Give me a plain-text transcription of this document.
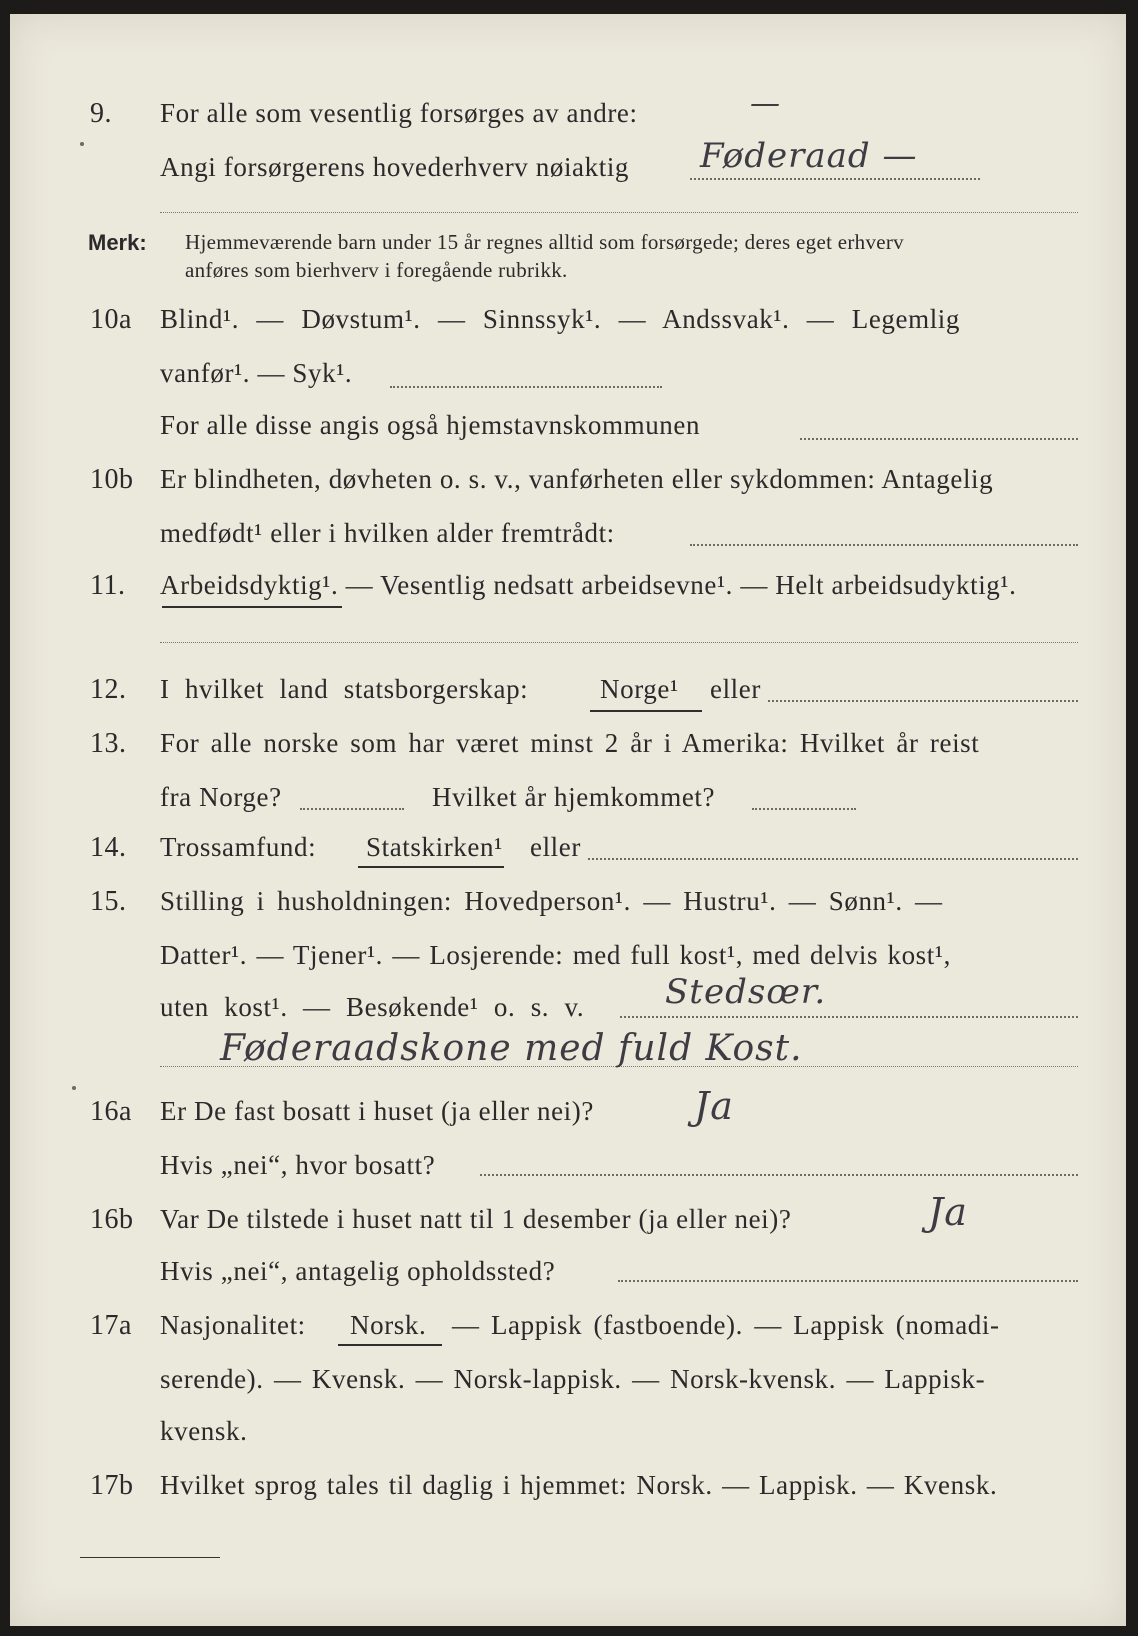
9. For alle som vesentlig forsørges av andre:	—
Angi forsørgerens hovederhverv nøiaktig Føderaad —
Merk: Hjemmeværende barn under 15 år regnes alltid som forsørgede; deres eget erhverv
anføres som bierhverv i foregående rubrikk.
10a Blind¹. — Døvstum¹. — Sinnssyk¹. — Andssvak¹. — Legemlig
vanfør¹. — Syk¹.
For alle disse angis også hjemstavnskommunen
10b Er blindheten, døvheten o. s. v., vanførheten eller sykdommen: Antagelig
medfødt¹ eller i hvilken alder fremtrådt:
11. Arbeidsdyktig¹. — Vesentlig nedsatt arbeidsevne¹. — Helt arbeidsudyktig¹.
12. I hvilket land statsborgerskap:	Norge¹ eller
13. For alle norske som har været minst 2 år i Amerika: Hvilket år reist
fra Norge?	Hvilket år hjemkommet?
14. Trossamfund: Statskirken¹ eller
15. Stilling i husholdningen: Hovedperson¹. — Hustru¹. — Sønn¹. —
Datter¹. — Tjener¹. — Losjerende: med full kost¹, med delvis kost¹,
uten kost¹. — Besøkende¹ o. s. v. Stedsœr.
Føderaadskone med fuld Kost.
16a Er De fast bosatt i huset (ja eller nei)?	Ja
Hvis „nei“, hvor bosatt?
16b Var De tilstede i huset natt til 1 desember (ja eller nei)?	Ja
Hvis „nei“, antagelig opholdssted?
17a Nasjonalitet: Norsk. — Lappisk (fastboende). — Lappisk (nomadi-
serende). — Kvensk. — Norsk-lappisk. — Norsk-kvensk. — Lappisk-
kvensk.
17b Hvilket sprog tales til daglig i hjemmet: Norsk. — Lappisk. — Kvensk.
